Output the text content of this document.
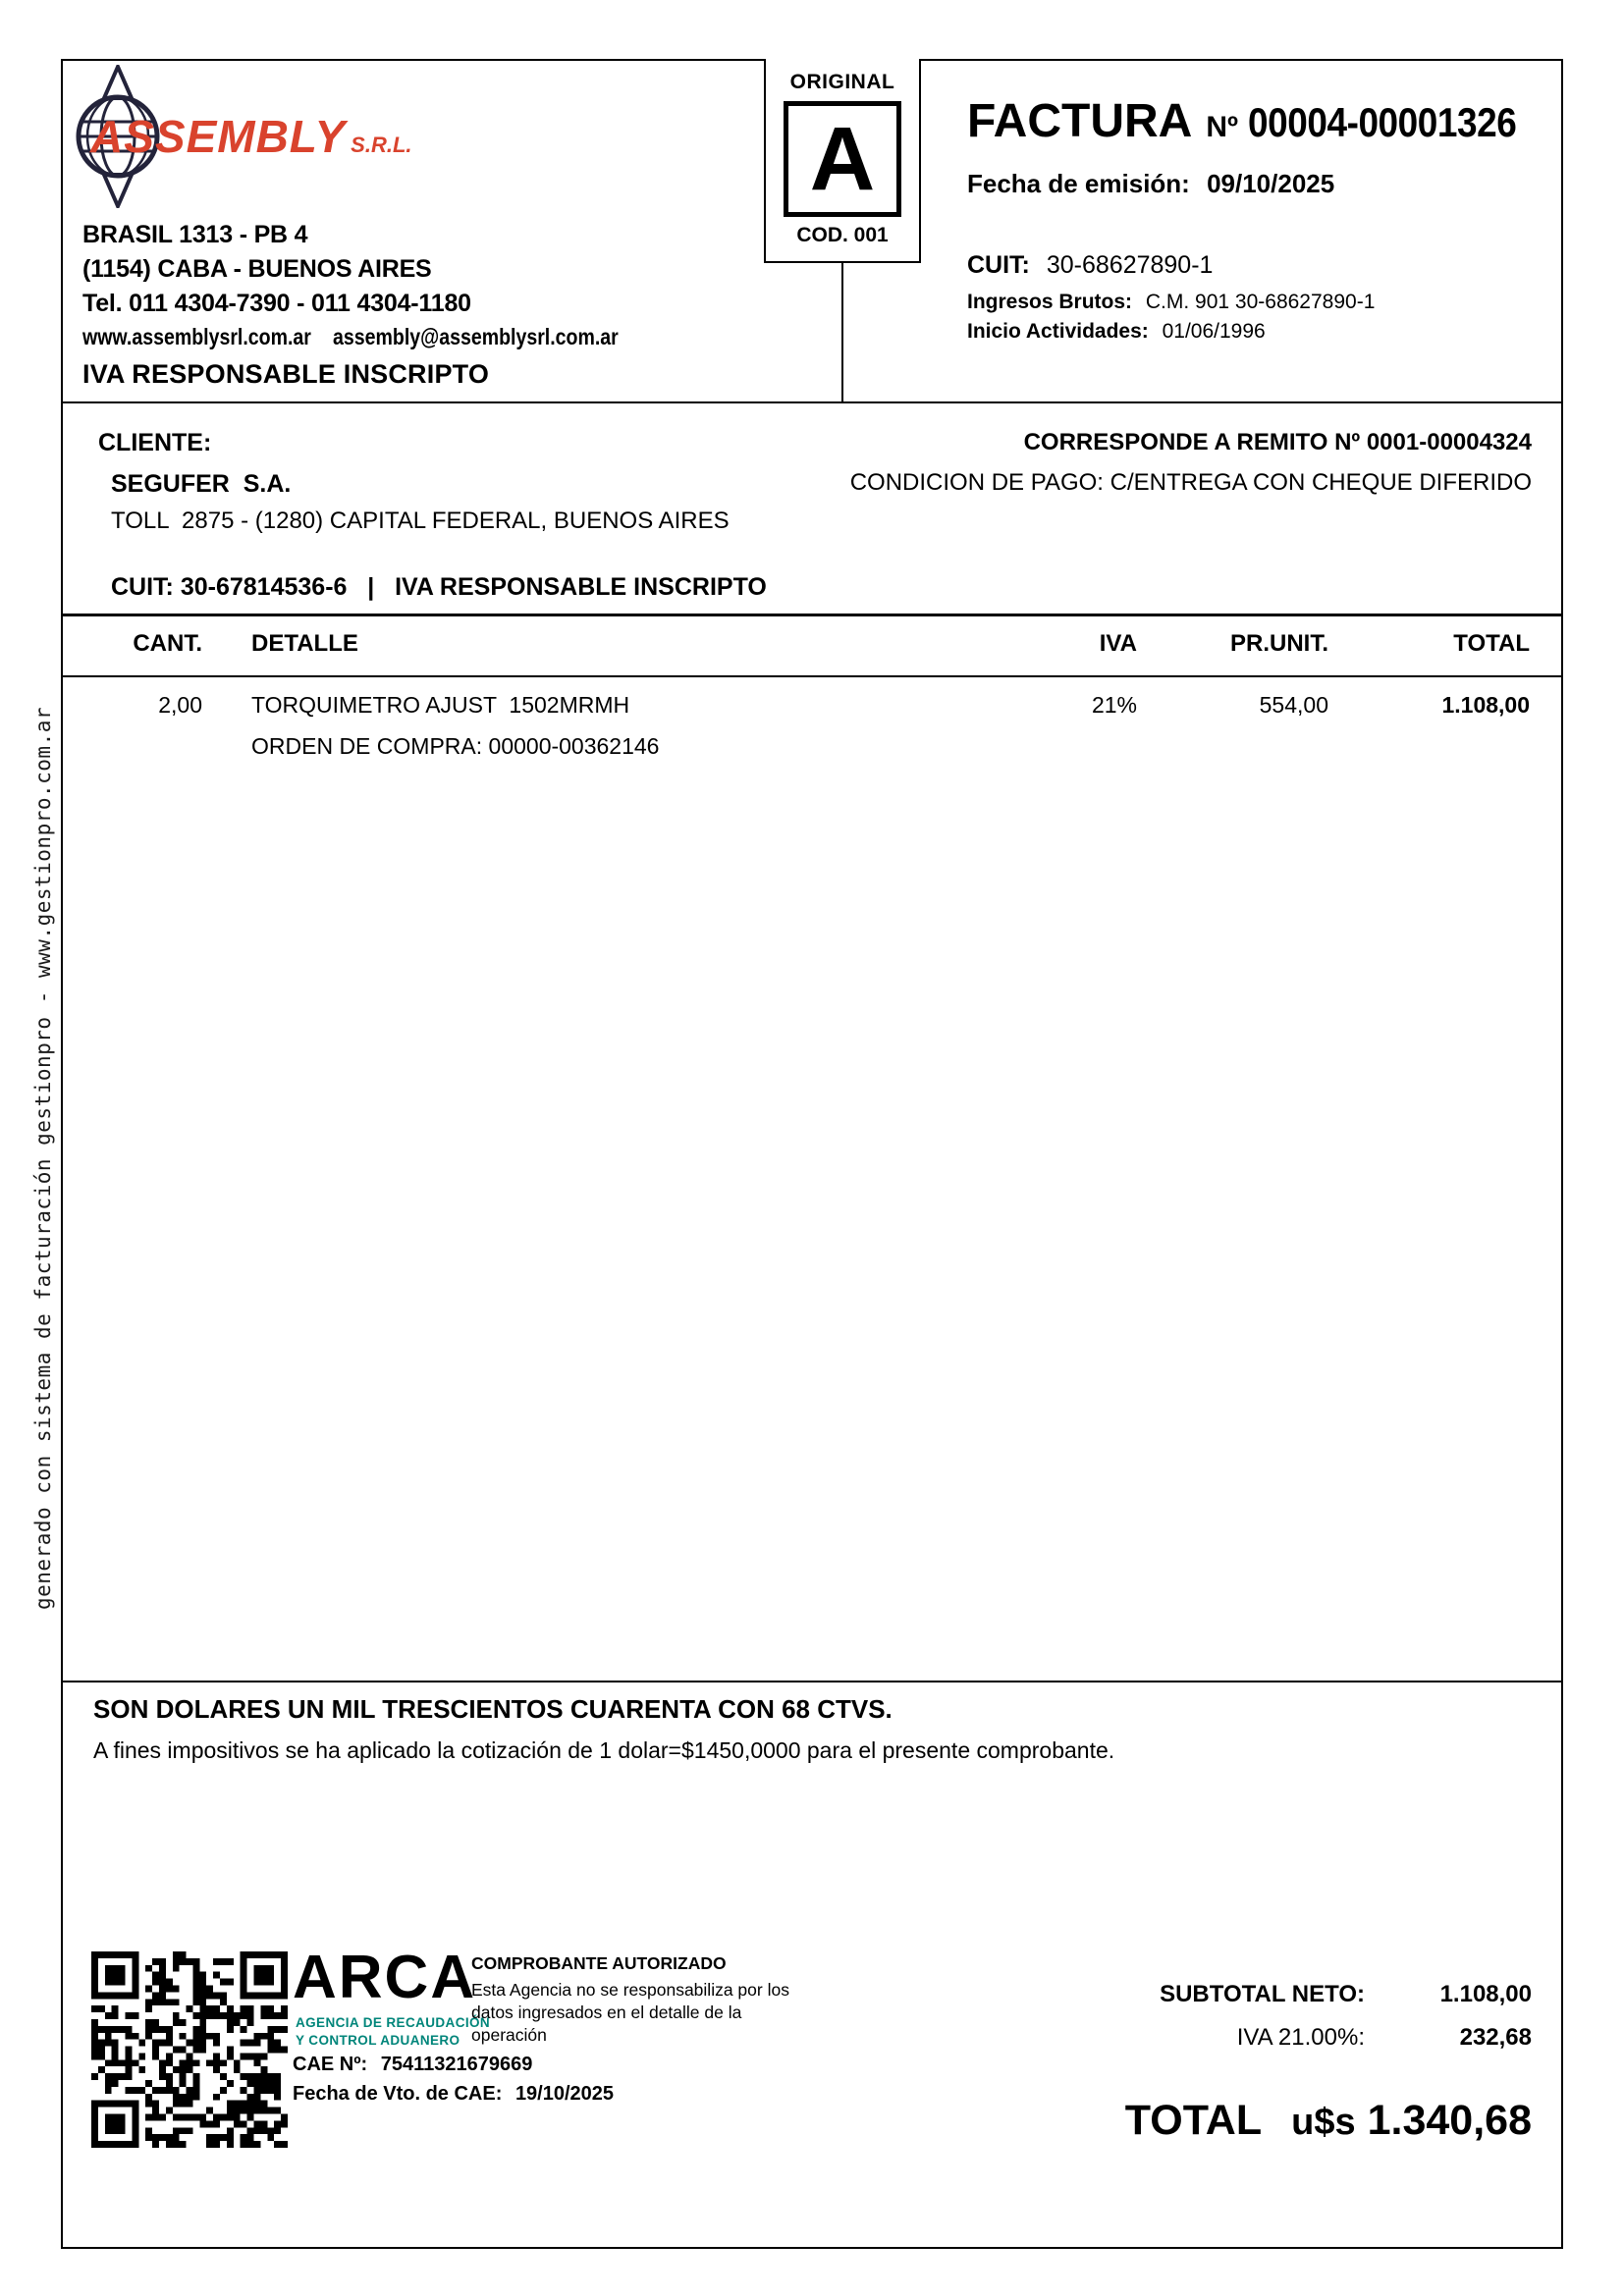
generado con sistema de facturación gestionpro - www.gestionpro.com.ar
ASSEMBLY S.R.L.
BRASIL 1313 - PB 4
(1154) CABA - BUENOS AIRES
Tel. 011 4304-7390 - 011 4304-1180
www.assemblysrl.com.ar assembly@assemblysrl.com.ar
IVA RESPONSABLE INSCRIPTO
ORIGINAL
A
COD. 001
FACTURA Nº 00004-00001326
Fecha de emisión: 09/10/2025
CUIT: 30-68627890-1
Ingresos Brutos: C.M. 901 30-68627890-1
Inicio Actividades: 01/06/1996
CLIENTE:
SEGUFER  S.A.
TOLL  2875 - (1280) CAPITAL FEDERAL, BUENOS AIRES
CUIT: 30-67814536-6   |   IVA RESPONSABLE INSCRIPTO
CORRESPONDE A REMITO Nº 0001-00004324
CONDICION DE PAGO: C/ENTREGA CON CHEQUE DIFERIDO
CANT.	DETALLE	IVA	PR.UNIT.	TOTAL
2,00	TORQUIMETRO AJUST  1502MRMH	21%	554,00	1.108,00
ORDEN DE COMPRA: 00000-00362146
SON DOLARES UN MIL TRESCIENTOS CUARENTA CON 68 CTVS.
A fines impositivos se ha aplicado la cotización de 1 dolar=$1450,0000 para el presente comprobante.
ARCA
AGENCIA DE RECAUDACIÓN
Y CONTROL ADUANERO
COMPROBANTE AUTORIZADO
Esta Agencia no se responsabiliza por los datos ingresados en el detalle de la operación
CAE Nº: 75411321679669
Fecha de Vto. de CAE: 19/10/2025
SUBTOTAL NETO:	1.108,00
IVA 21.00%:	232,68
TOTAL u$s 1.340,68
